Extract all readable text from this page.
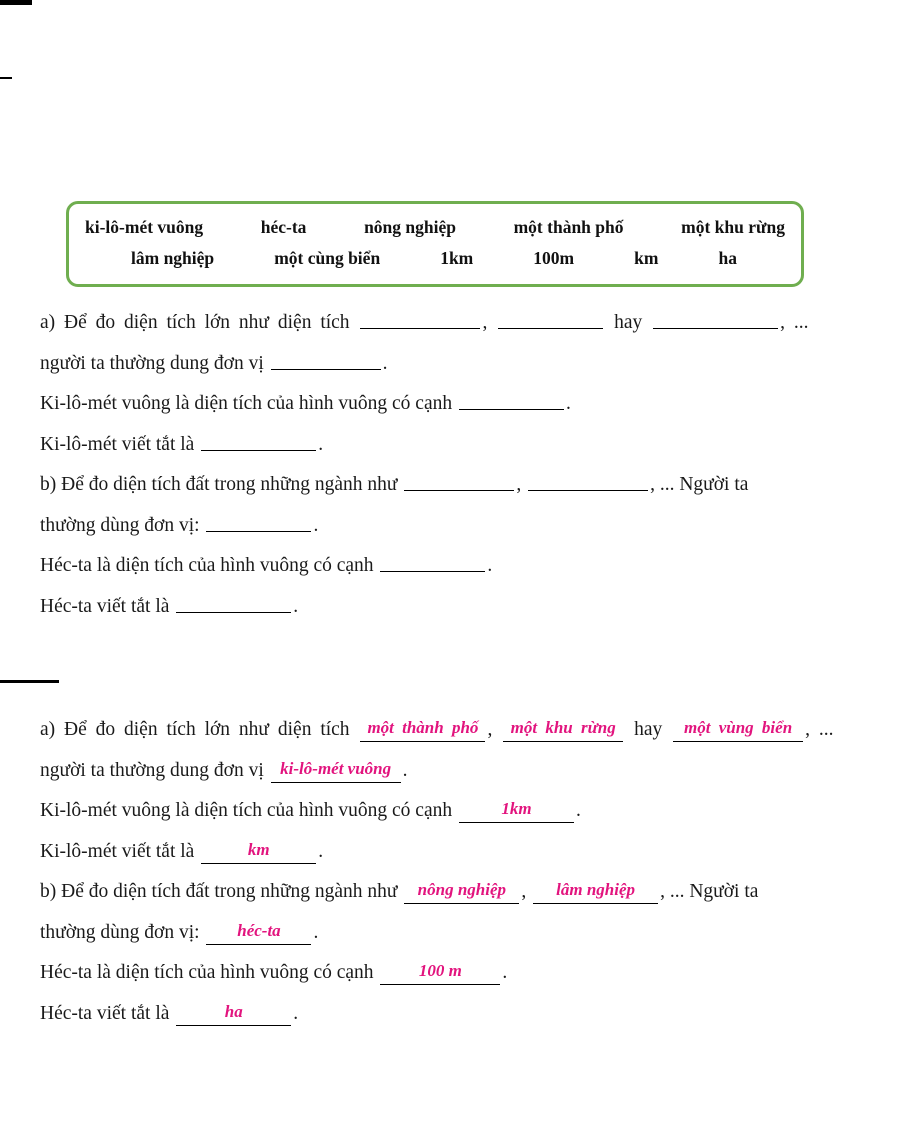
ki-lô-mét vuông	héc-ta	nông nghiệp	một thành phố	một khu rừng
lâm nghiệp	một cùng biển	1km	100m	km	ha

a) Để đo diện tích lớn như diện tích	,	hay	, ...

người ta thường dung đơn vị	.

Ki-lô-mét vuông là diện tích của hình vuông có cạnh	.

Ki-lô-mét viết tắt là	.

b) Để đo diện tích đất trong những ngành như	,	, ... Người ta

thường dùng đơn vị:	.

Héc-ta là diện tích của hình vuông có cạnh	.

Héc-ta viết tắt là	.

a) Để đo diện tích lớn như diện tích một thành phố , một khu rừng hay một vùng biển , ...

người ta thường dung đơn vị ki-lô-mét vuông .

Ki-lô-mét vuông là diện tích của hình vuông có cạnh	1km .

Ki-lô-mét viết tắt là	km .

b) Để đo diện tích đất trong những ngành như nông nghiệp , lâm nghiệp , ... Người ta

thường dùng đơn vị: héc-ta .

Héc-ta là diện tích của hình vuông có cạnh	100 m .

Héc-ta viết tắt là	ha	.
